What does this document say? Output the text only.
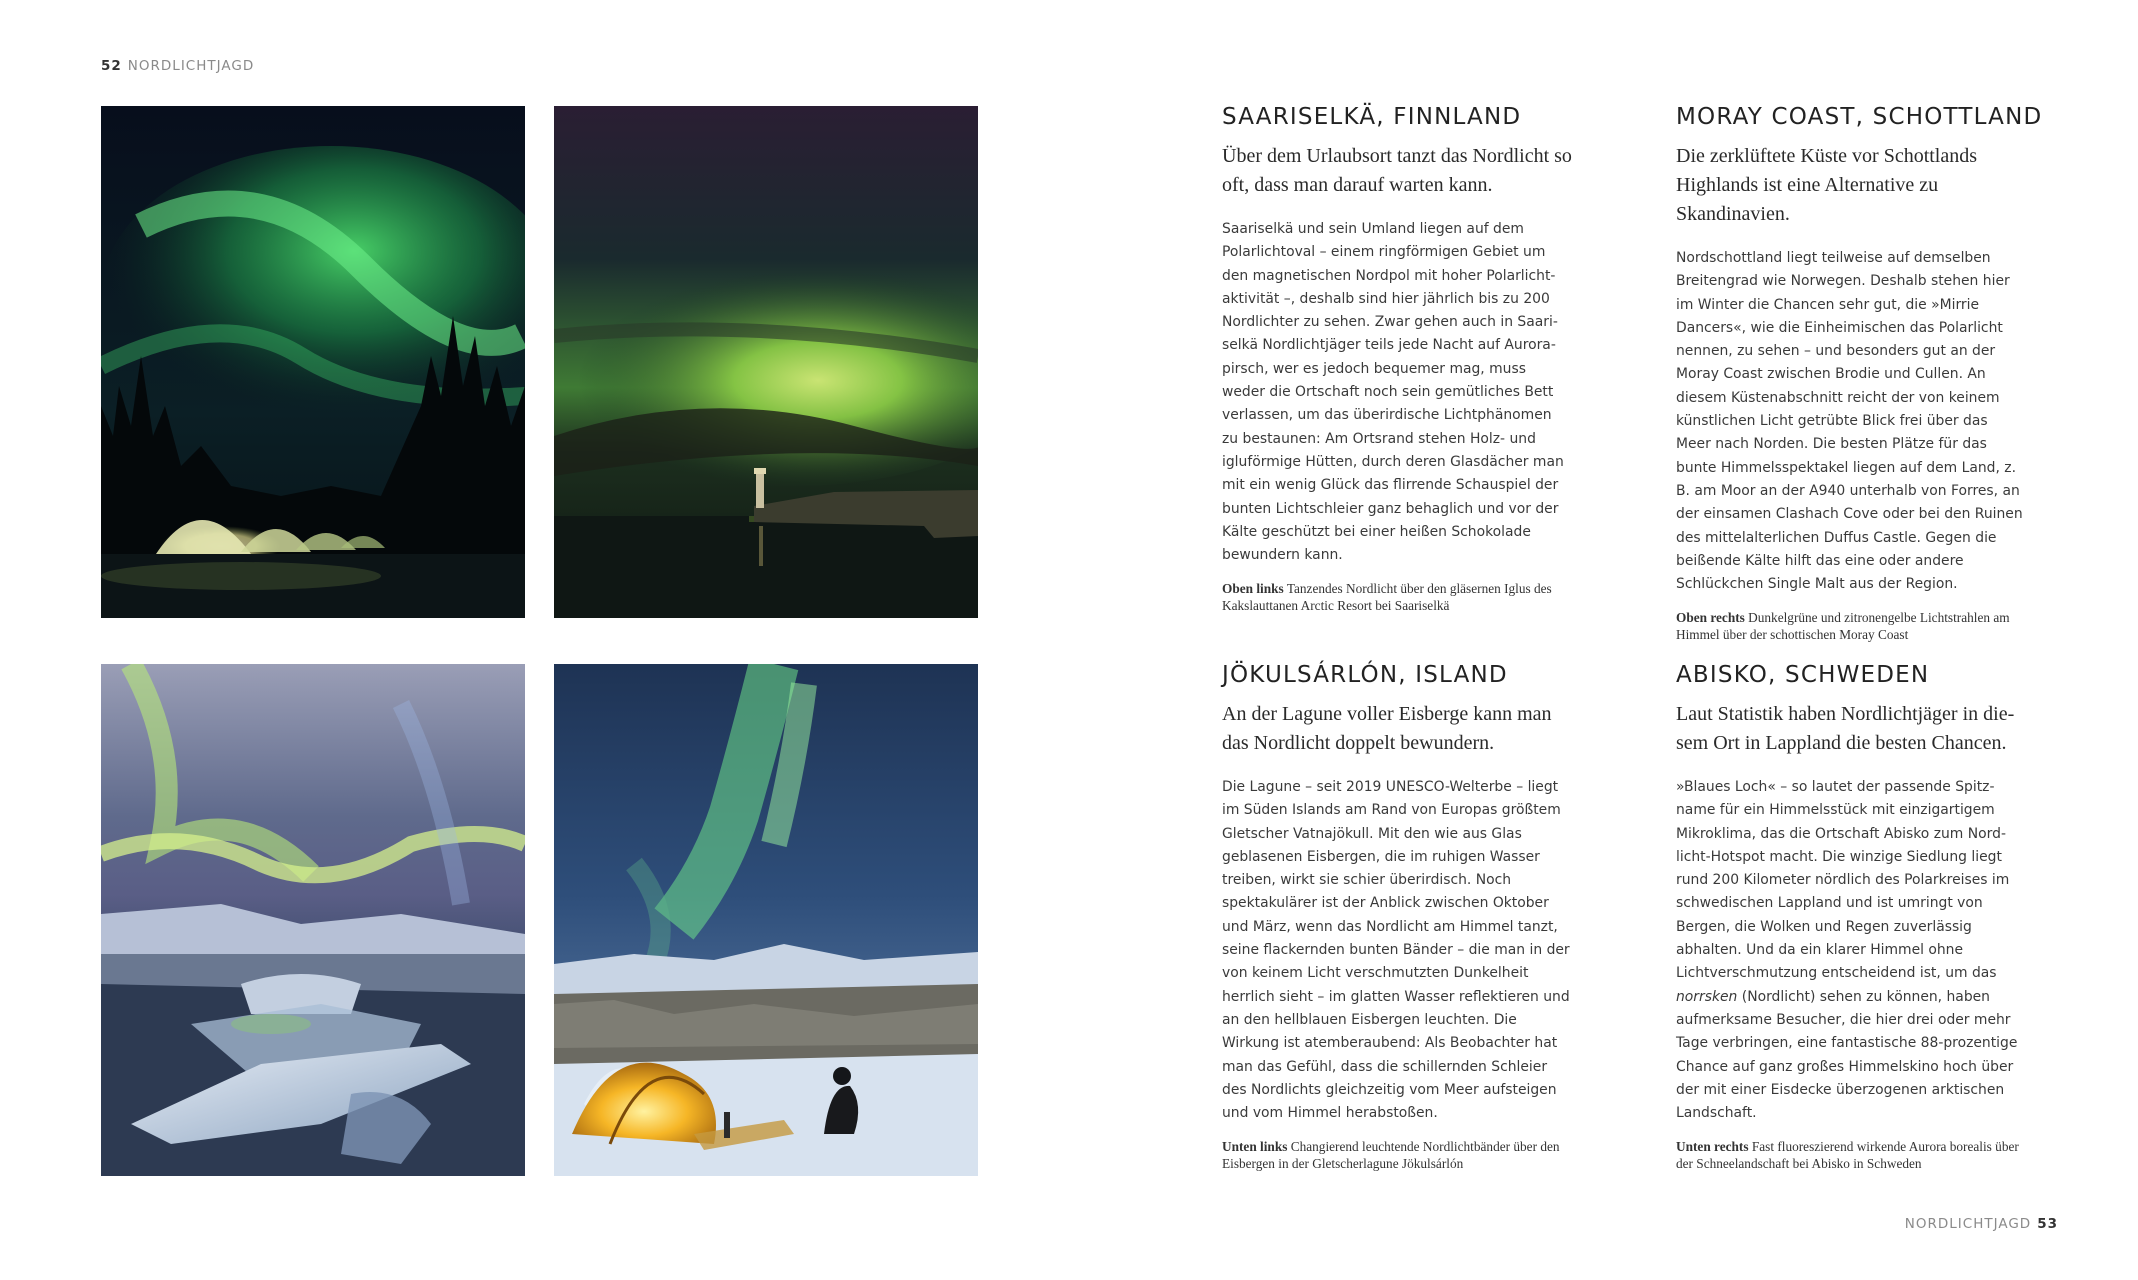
52 NORDLICHTJAGD
NORDLICHTJAGD 53
SAARISELKÄ, FINNLAND

Über dem Urlaubsort tanzt das Nordlicht so oft, dass man darauf warten kann.

Saariselkä und sein Umland liegen auf dem Polarlichtoval – einem ringförmigen Gebiet um den magnetischen Nordpol mit hoher Polarlichtaktivität –, deshalb sind hier jährlich bis zu 200 Nordlichter zu sehen. Zwar gehen auch in Saariselkä Nordlichtjäger teils jede Nacht auf Aurorapirsch, wer es jedoch bequemer mag, muss weder die Ortschaft noch sein gemütliches Bett verlassen, um das überirdische Lichtphänomen zu bestaunen: Am Ortsrand stehen Holz- und igluförmige Hütten, durch deren Glasdächer man mit ein wenig Glück das flirrende Schauspiel der bunten Lichtschleier ganz behaglich und vor der Kälte geschützt bei einer heißen Schokolade bewundern kann.

Oben links Tanzendes Nordlicht über den gläsernen Iglus des Kakslauttanen Arctic Resort bei Saariselkä

MORAY COAST, SCHOTTLAND

Die zerklüftete Küste vor Schottlands Highlands ist eine Alternative zu Skandinavien.

Nordschottland liegt teilweise auf demselben Breitengrad wie Norwegen. Deshalb stehen hier im Winter die Chancen sehr gut, die »Mirrie Dancers«, wie die Einheimischen das Polarlicht nennen, zu sehen – und besonders gut an der Moray Coast zwischen Brodie und Cullen. An diesem Küstenabschnitt reicht der von keinem künstlichen Licht getrübte Blick frei über das Meer nach Norden. Die besten Plätze für das bunte Himmelsspektakel liegen auf dem Land, z. B. am Moor an der A940 unterhalb von Forres, an der einsamen Clashach Cove oder bei den Ruinen des mittelalterlichen Duffus Castle. Gegen die beißende Kälte hilft das eine oder andere Schlückchen Single Malt aus der Region.

Oben rechts Dunkelgrüne und zitronengelbe Lichtstrahlen am Himmel über der schottischen Moray Coast

JÖKULSÁRLÓN, ISLAND

An der Lagune voller Eisberge kann man das Nordlicht doppelt bewundern.

Die Lagune – seit 2019 UNESCO-Welterbe – liegt im Süden Islands am Rand von Europas größtem Gletscher Vatnajökull. Mit den wie aus Glas geblasenen Eisbergen, die im ruhigen Wasser treiben, wirkt sie schier überirdisch. Noch spektakulärer ist der Anblick zwischen Oktober und März, wenn das Nordlicht am Himmel tanzt, seine flackernden bunten Bänder – die man in der von keinem Licht verschmutzten Dunkelheit herrlich sieht – im glatten Wasser reflektieren und an den hellblauen Eisbergen leuchten. Die Wirkung ist atemberaubend: Als Beobachter hat man das Gefühl, dass die schillernden Schleier des Nordlichts gleichzeitig vom Meer aufsteigen und vom Himmel herabstoßen.

Unten links Changierend leuchtende Nordlichtbänder über den Eisbergen in der Gletscherlagune Jökulsárlón

ABISKO, SCHWEDEN

Laut Statistik haben Nordlichtjäger in diesem Ort in Lappland die besten Chancen.

»Blaues Loch« – so lautet der passende Spitzname für ein Himmelsstück mit einzigartigem Mikroklima, das die Ortschaft Abisko zum Nordlicht-Hotspot macht. Die winzige Siedlung liegt rund 200 Kilometer nördlich des Polarkreises im schwedischen Lappland und ist umringt von Bergen, die Wolken und Regen zuverlässig abhalten. Und da ein klarer Himmel ohne Lichtverschmutzung entscheidend ist, um das norrsken (Nordlicht) sehen zu können, haben aufmerksame Besucher, die hier drei oder mehr Tage verbringen, eine fantastische 88-prozentige Chance auf ganz großes Himmelskino hoch über der mit einer Eisdecke überzogenen arktischen Landschaft.

Unten rechts Fast fluoreszierend wirkende Aurora borealis über der Schneelandschaft bei Abisko in Schweden
